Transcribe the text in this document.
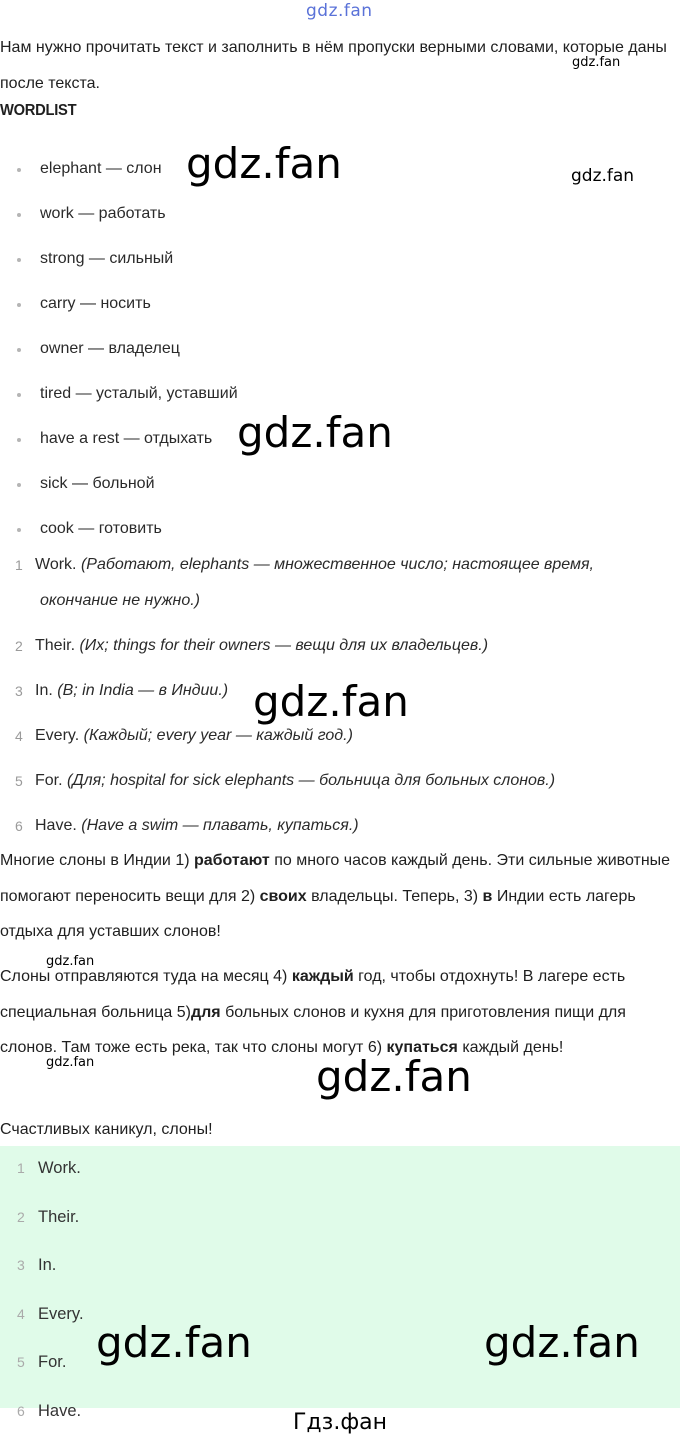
gdz.fan

Нам нужно прочитать текст и заполнить в нём пропуски верными словами, которые даны после текста.

gdz.fan
WORDLIST
elephant — слон
work — работать
strong — сильный
carry — носить
owner — владелец
tired — усталый, уставший
have a rest — отдыхать
sick — больной
cook — готовить
gdz.fan	gdz.fan
gdz.fan
1 Work. (Работают, elephants — множественное число; настоящее время,
окончание не нужно.)
2 Their. (Их; things for their owners — вещи для их владельцев.)
3 In. (В; in India — в Индии.)
4 Every. (Каждый; every year — каждый год.)
5 For. (Для; hospital for sick elephants — больница для больных слонов.)
6 Have. (Have a swim — плавать, купаться.)
gdz.fan

Многие слоны в Индии 1) работают по много часов каждый день. Эти сильные животные помогают переносить вещи для 2) своих владельцы. Теперь, 3) в Индии есть лагерь отдыха для уставших слонов!

gdz.fan

Слоны отправляются туда на месяц 4) каждый год, чтобы отдохнуть! В лагере есть специальная больница 5)для больных слонов и кухня для приготовления пищи для слонов. Там тоже есть река, так что слоны могут 6) купаться каждый день!

gdz.fan	gdz.fan

Счастливых каникул, слоны!

1 Work.
2 Their.
3 In.
4 Every.
5 For.
6 Have.
gdz.fan	gdz.fan
Гдз.фан
